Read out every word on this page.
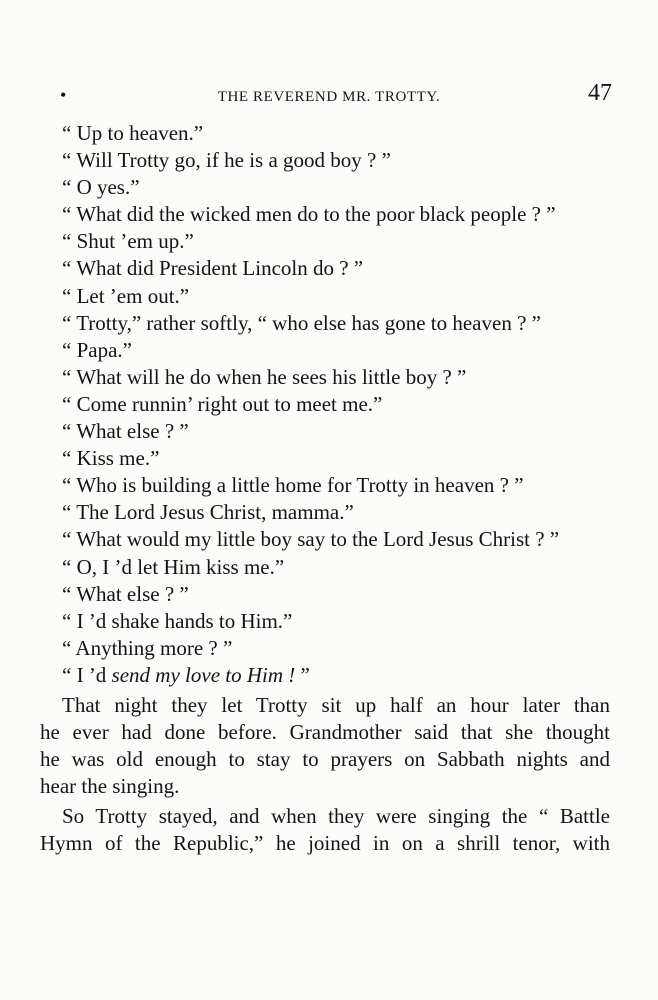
•	THE REVEREND MR. TROTTY.	47
“ Up to heaven.”
“ Will Trotty go, if he is a good boy ? ”
“ O yes.”
“ What did the wicked men do to the poor black people ? ”
“ Shut ’em up.”
“ What did President Lincoln do ? ”
“ Let ’em out.”
“ Trotty,” rather softly, “ who else has gone to heaven ? ”
“ Papa.”
“ What will he do when he sees his little boy ? ”
“ Come runnin’ right out to meet me.”
“ What else ? ”
“ Kiss me.”
“ Who is building a little home for Trotty in heaven ? ”
“ The Lord Jesus Christ, mamma.”
“ What would my little boy say to the Lord Jesus Christ ? ”
“ O, I ’d let Him kiss me.”
“ What else ? ”
“ I ’d shake hands to Him.”
“ Anything more ? ”
“ I ’d send my love to Him ! ”
That night they let Trotty sit up half an hour later than
he ever had done before. Grandmother said that she thought
he was old enough to stay to prayers on Sabbath nights and
hear the singing.
So Trotty stayed, and when they were singing the “ Battle
Hymn of the Republic,” he joined in on a shrill tenor, with
